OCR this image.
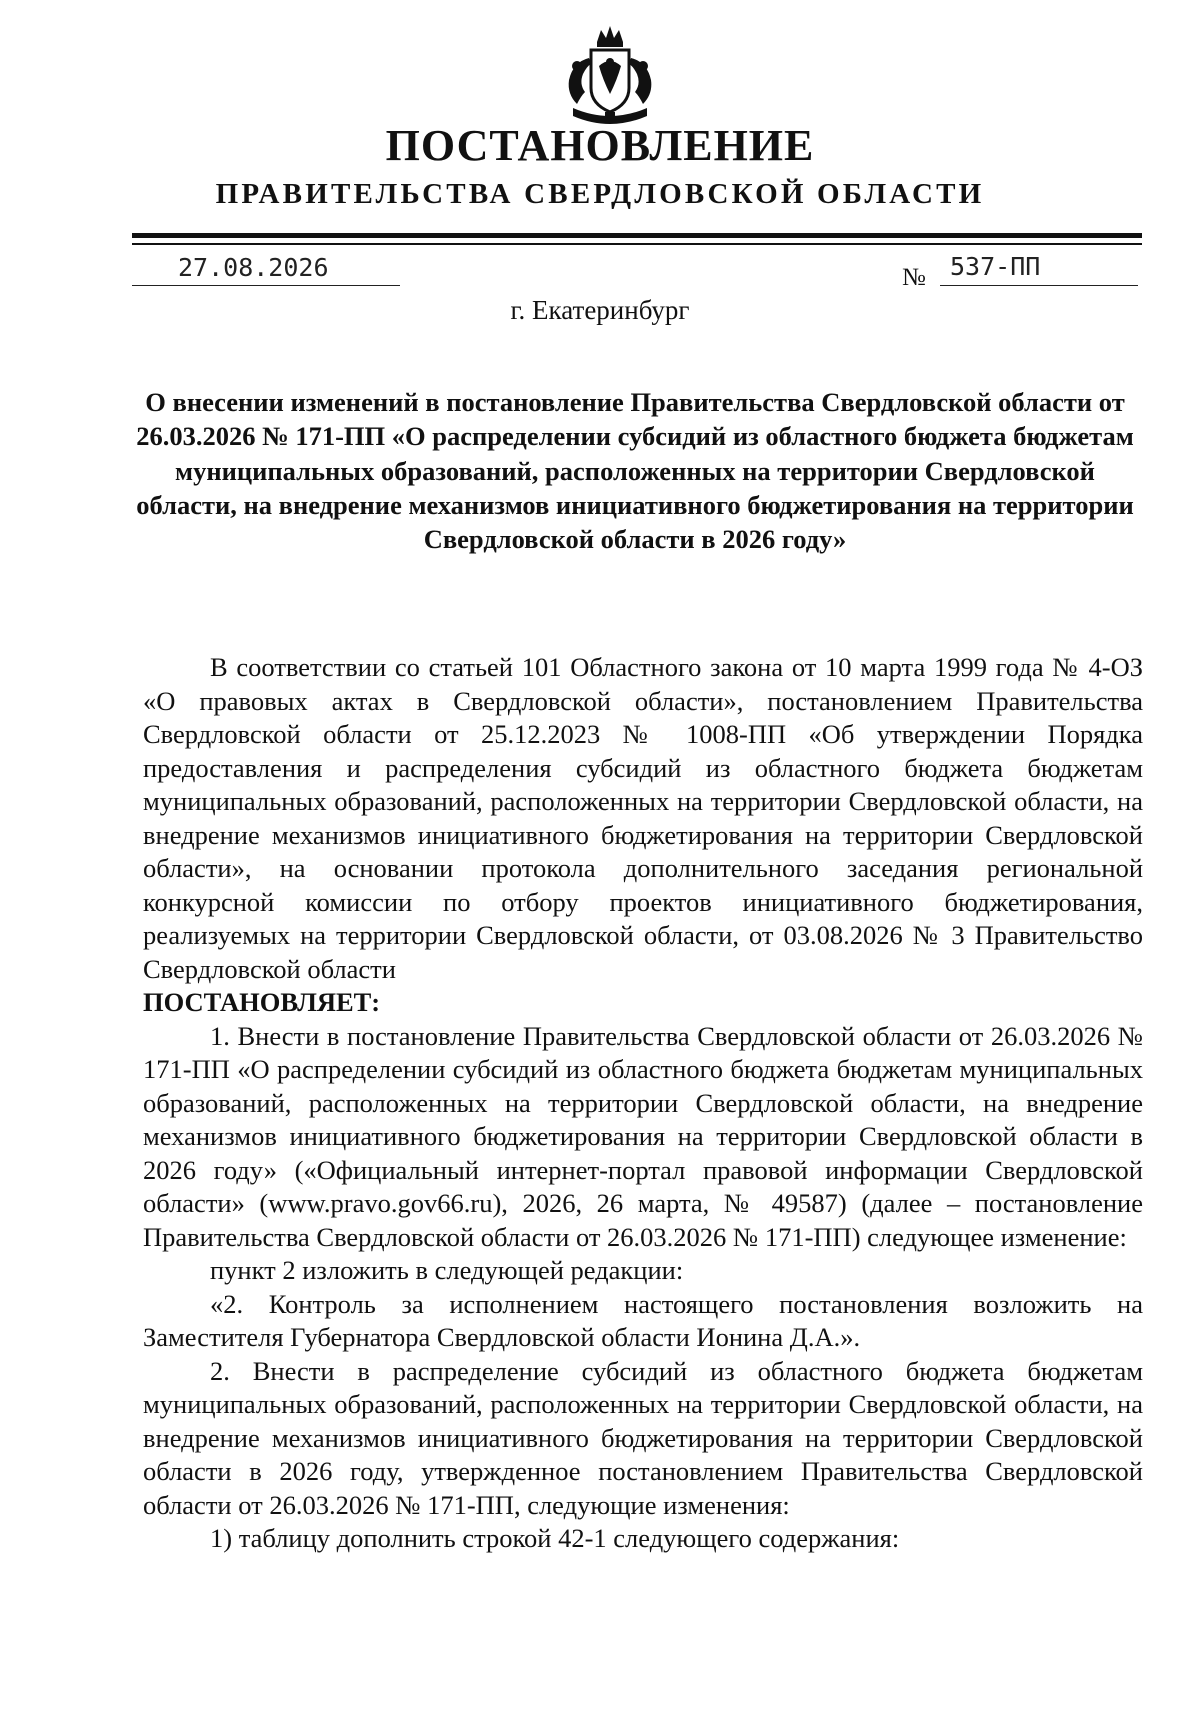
ПОСТАНОВЛЕНИЕ
ПРАВИТЕЛЬСТВА СВЕРДЛОВСКОЙ ОБЛАСТИ
27.08.2026	№ 537-ПП
г. Екатеринбург
О внесении изменений в постановление Правительства Свердловской области от 26.03.2026 № 171-ПП «О распределении субсидий из областного бюджета бюджетам муниципальных образований, расположенных на территории Свердловской области, на внедрение механизмов инициативного бюджетирования на территории Свердловской области в 2026 году»

В соответствии со статьей 101 Областного закона от 10 марта 1999 года № 4-ОЗ «О правовых актах в Свердловской области», постановлением Правительства Свердловской области от 25.12.2023 № 1008-ПП «Об утверждении Порядка предоставления и распределения субсидий из областного бюджета бюджетам муниципальных образований, расположенных на территории Свердловской области, на внедрение механизмов инициативного бюджетирования на территории Свердловской области», на основании протокола дополнительного заседания региональной конкурсной комиссии по отбору проектов инициативного бюджетирования, реализуемых на территории Свердловской области, от 03.08.2026 № 3 Правительство Свердловской области

ПОСТАНОВЛЯЕТ:

1. Внести в постановление Правительства Свердловской области от 26.03.2026 № 171-ПП «О распределении субсидий из областного бюджета бюджетам муниципальных образований, расположенных на территории Свердловской области, на внедрение механизмов инициативного бюджетирования на территории Свердловской области в 2026 году» («Официальный интернет-портал правовой информации Свердловской области» (www.pravo.gov66.ru), 2026, 26 марта, № 49587) (далее – постановление Правительства Свердловской области от 26.03.2026 № 171-ПП) следующее изменение:

пункт 2 изложить в следующей редакции:

«2. Контроль за исполнением настоящего постановления возложить на Заместителя Губернатора Свердловской области Ионина Д.А.».

2. Внести в распределение субсидий из областного бюджета бюджетам муниципальных образований, расположенных на территории Свердловской области, на внедрение механизмов инициативного бюджетирования на территории Свердловской области в 2026 году, утвержденное постановлением Правительства Свердловской области от 26.03.2026 № 171-ПП, следующие изменения:

1) таблицу дополнить строкой 42-1 следующего содержания:
